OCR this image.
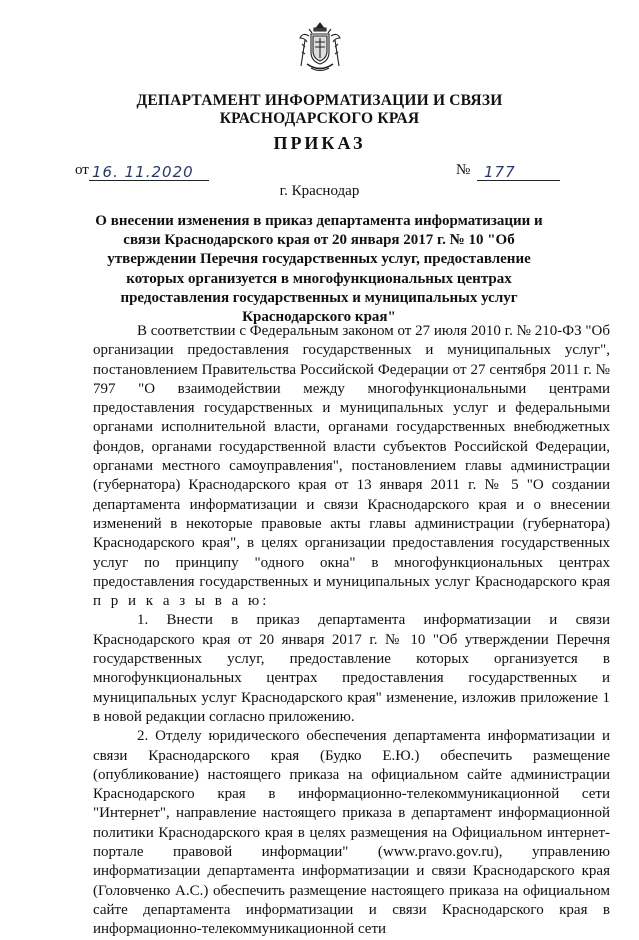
ДЕПАРТАМЕНТ ИНФОРМАТИЗАЦИИ И СВЯЗИ
КРАСНОДАРСКОГО КРАЯ
ПРИКАЗ
от 16. 11.2020	№ 177
г. Краснодар
О внесении изменения в приказ департамента информатизации и связи Краснодарского края от 20 января 2017 г. № 10 "Об утверждении Перечня государственных услуг, предоставление которых организуется в многофункциональных центрах предоставления государственных и муниципальных услуг Краснодарского края"

В соответствии с Федеральным законом от 27 июля 2010 г. № 210-ФЗ "Об организации предоставления государственных и муниципальных услуг", постановлением Правительства Российской Федерации от 27 сентября 2011 г. № 797 "О взаимодействии между многофункциональными центрами предоставления государственных и муниципальных услуг и федеральными органами исполнительной власти, органами государственных внебюджетных фондов, органами государственной власти субъектов Российской Федерации, органами местного самоуправления", постановлением главы администрации (губернатора) Краснодарского края от 13 января 2011 г. № 5 "О создании департамента информатизации и связи Краснодарского края и о внесении изменений в некоторые правовые акты главы администрации (губернатора) Краснодарского края", в целях организации предоставления государственных услуг по принципу "одного окна" в многофункциональных центрах предоставления государственных и муниципальных услуг Краснодарского края п р и к а з ы в а ю:

1. Внести в приказ департамента информатизации и связи Краснодарского края от 20 января 2017 г. № 10 "Об утверждении Перечня государственных услуг, предоставление которых организуется в многофункциональных центрах предоставления государственных и муниципальных услуг Краснодарского края" изменение, изложив приложение 1 в новой редакции согласно приложению.

2. Отделу юридического обеспечения департамента информатизации и связи Краснодарского края (Будко Е.Ю.) обеспечить размещение (опубликование) настоящего приказа на официальном сайте администрации Краснодарского края в информационно-телекоммуникационной сети "Интернет", направление настоящего приказа в департамент информационной политики Краснодарского края в целях размещения на Официальном интернет-портале правовой информации" (www.pravo.gov.ru), управлению информатизации департамента информатизации и связи Краснодарского края (Головченко А.С.) обеспечить размещение настоящего приказа на официальном сайте департамента информатизации и связи Краснодарского края в информационно-телекоммуникационной сети
